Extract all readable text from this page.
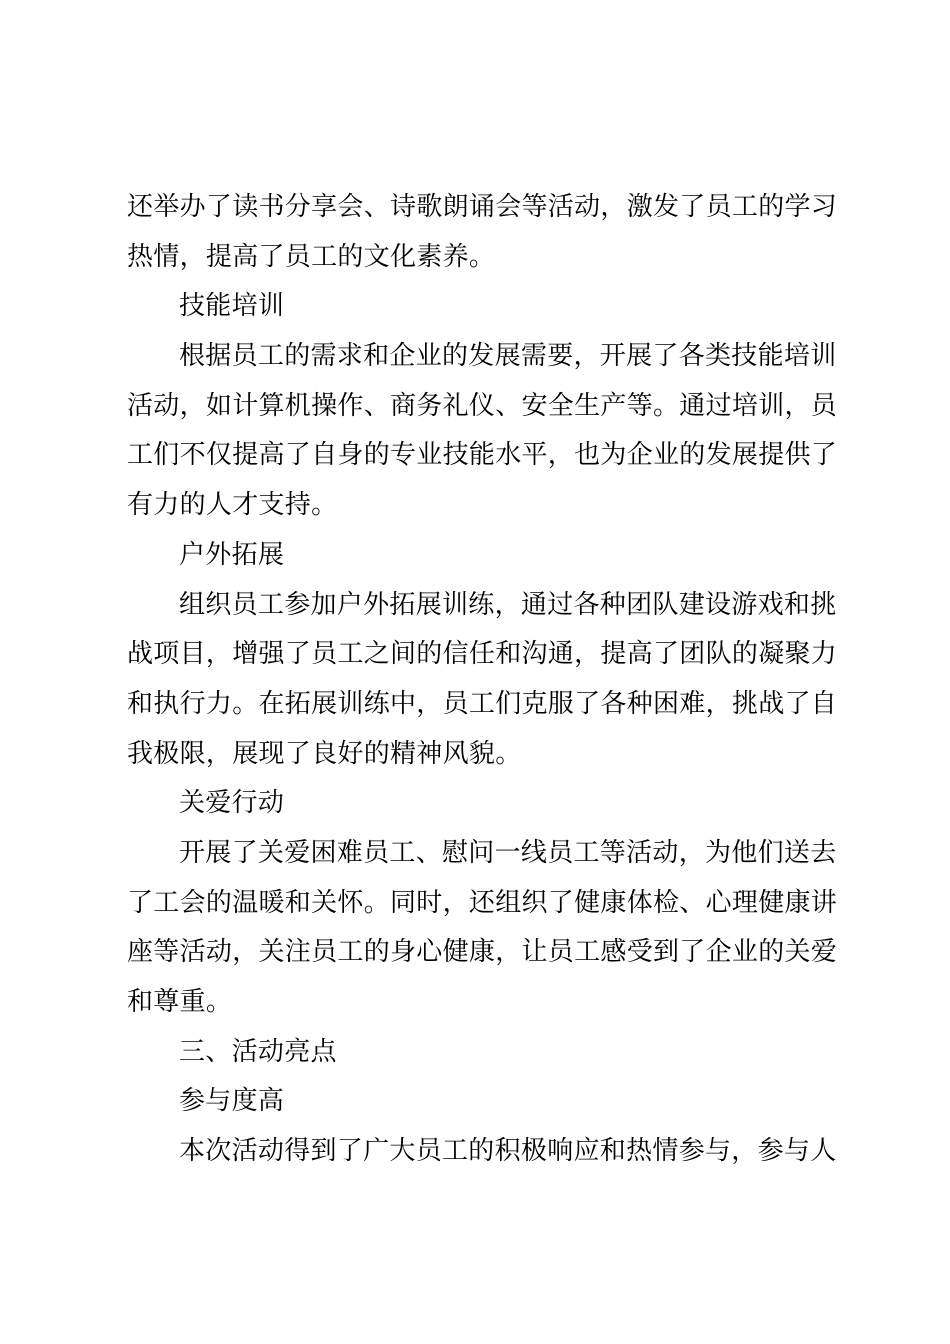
还举办了读书分享会、诗歌朗诵会等活动，激发了员工的学习
热情，提高了员工的文化素养。
技能培训
根据员工的需求和企业的发展需要，开展了各类技能培训
活动，如计算机操作、商务礼仪、安全生产等。通过培训，员
工们不仅提高了自身的专业技能水平，也为企业的发展提供了
有力的人才支持。
户外拓展
组织员工参加户外拓展训练，通过各种团队建设游戏和挑
战项目，增强了员工之间的信任和沟通，提高了团队的凝聚力
和执行力。在拓展训练中，员工们克服了各种困难，挑战了自
我极限，展现了良好的精神风貌。
关爱行动
开展了关爱困难员工、慰问一线员工等活动，为他们送去
了工会的温暖和关怀。同时，还组织了健康体检、心理健康讲
座等活动，关注员工的身心健康，让员工感受到了企业的关爱
和尊重。
三、活动亮点
参与度高
本次活动得到了广大员工的积极响应和热情参与，参与人
